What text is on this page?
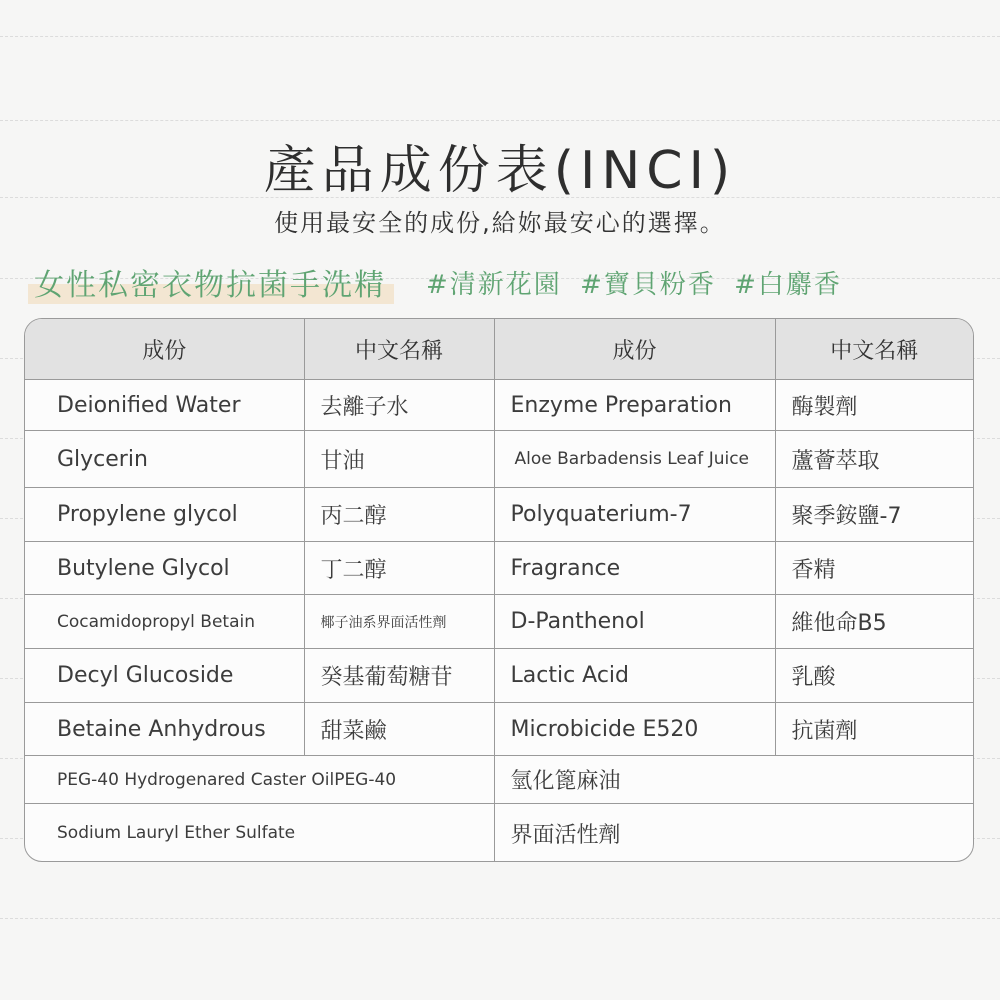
產品成份表(INCI)
使用最安全的成份,給妳最安心的選擇。
女性私密衣物抗菌手洗精	#清新花園 #寶貝粉香 #白麝香
成份	中文名稱	成份	中文名稱
Deionified Water	去離子水	Enzyme Preparation	酶製劑
Glycerin	甘油	Aloe Barbadensis Leaf Juice	蘆薈萃取
Propylene glycol	丙二醇	Polyquaterium-7	聚季銨鹽-7
Butylene Glycol	丁二醇	Fragrance	香精
Cocamidopropyl Betain	椰子油系界面活性劑	D-Panthenol	維他命B5
Decyl Glucoside	癸基葡萄糖苷	Lactic Acid	乳酸
Betaine Anhydrous	甜菜鹼	Microbicide E520	抗菌劑
PEG-40 Hydrogenared Caster OilPEG-40		氫化篦麻油	
Sodium Lauryl Ether Sulfate		界面活性劑	
